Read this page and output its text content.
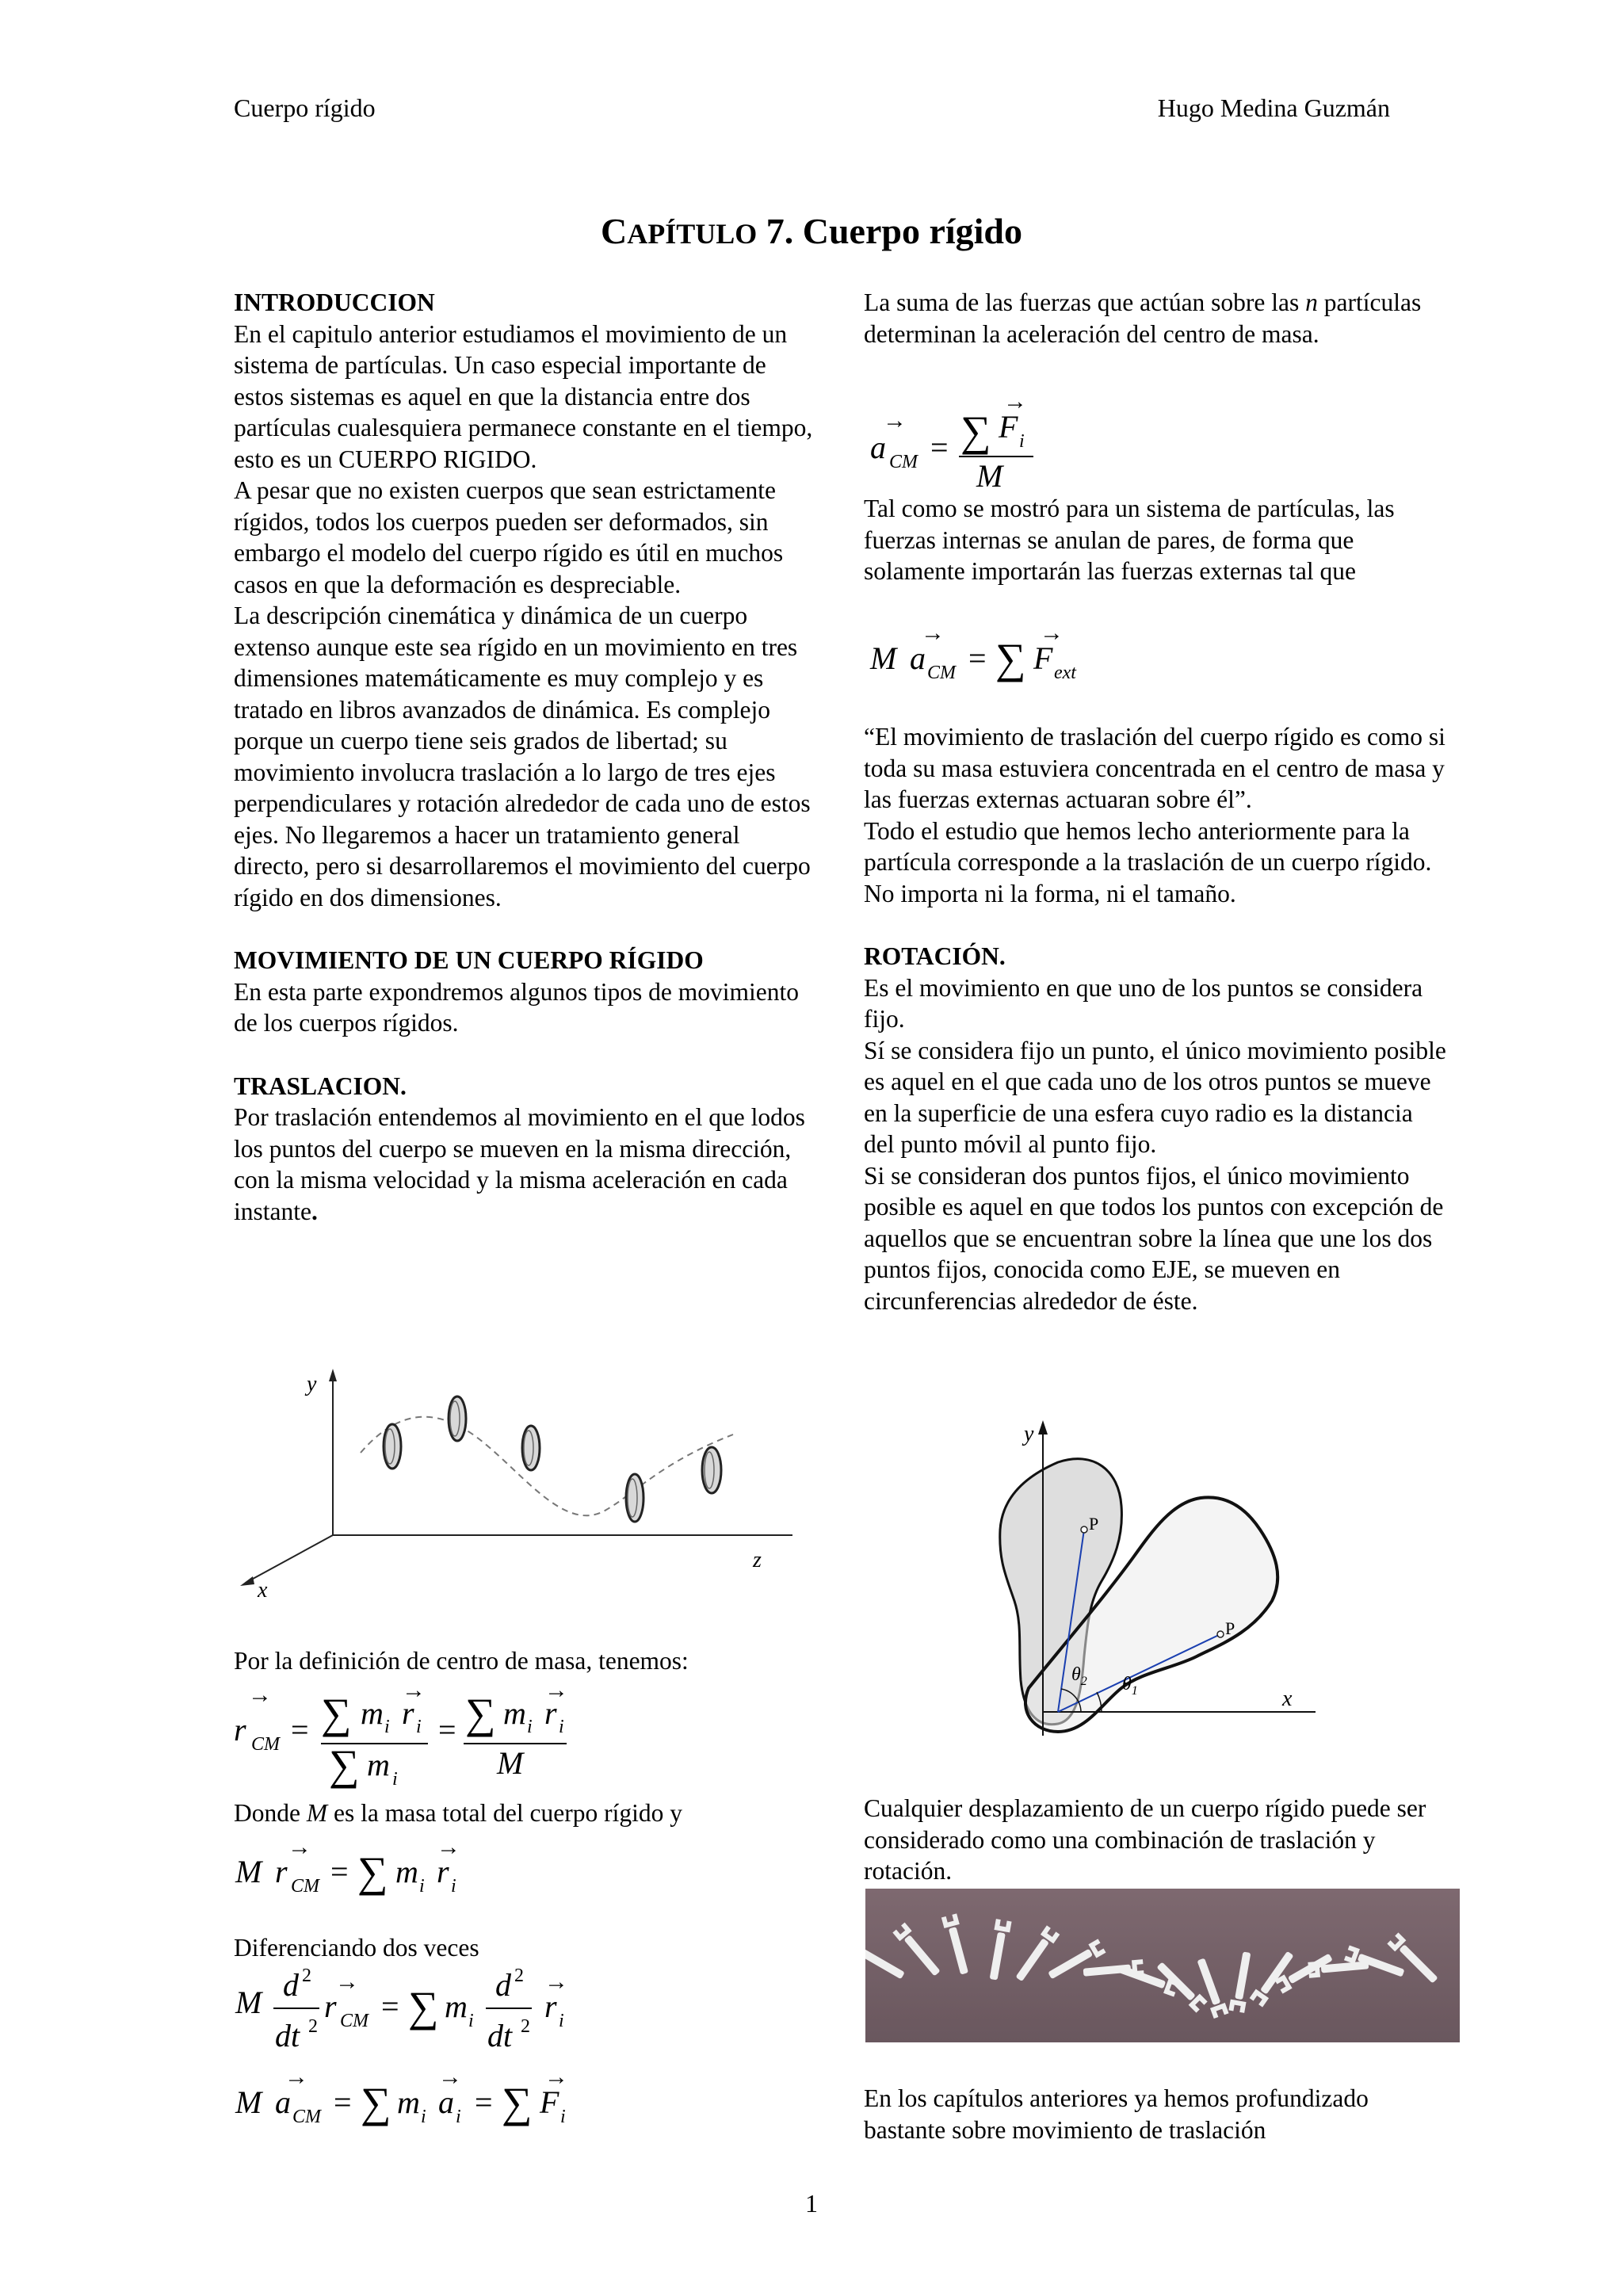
Cuerpo rígido	Hugo Medina Guzmán
CAPÍTULO 7. Cuerpo rígido
INTRODUCCION

En el capitulo anterior estudiamos el movimiento de un sistema de partículas. Un caso especial importante de estos sistemas es aquel en que la distancia entre dos partículas cualesquiera permanece constante en el tiempo, esto es un CUERPO RIGIDO.

A pesar que no existen cuerpos que sean estrictamente rígidos, todos los cuerpos pueden ser deformados, sin embargo el modelo del cuerpo rígido es útil en muchos casos en que la deformación es despreciable.

La descripción cinemática y dinámica de un cuerpo extenso aunque este sea rígido en un movimiento en tres dimensiones matemáticamente es muy complejo y es tratado en libros avanzados de dinámica. Es complejo porque un cuerpo tiene seis grados de libertad; su movimiento involucra traslación a lo largo de tres ejes perpendiculares y rotación alrededor de cada uno de estos ejes. No llegaremos a hacer un tratamiento general directo, pero si desarrollaremos el movimiento del cuerpo rígido en dos dimensiones.

MOVIMIENTO DE UN CUERPO RÍGIDO

En esta parte expondremos algunos tipos de movimiento de los cuerpos rígidos.

TRASLACION.

Por traslación entendemos al movimiento en el que lodos los puntos del cuerpo se mueven en la misma dirección, con la misma velocidad y la misma aceleración en cada instante.

y
z
x
Por la definición de centro de masa, tenemos:
→
r CM = ∑ m i
→
r i
∑ m i
= ∑ m i
→
r i
M
Donde M es la masa total del cuerpo rígido y
M
→
r CM = ∑ m i
→
r i
Diferenciando dos veces
M d 2
dt 2
→
r CM = ∑ m i
d 2
dt 2
→
r i
M
→
a CM = ∑ m i
→
a i = ∑
→
F i

La suma de las fuerzas que actúan sobre las n partículas determinan la aceleración del centro de masa.

→
a CM = ∑
→
F i
M
Tal como se mostró para un sistema de partículas, las fuerzas internas se anulan de pares, de forma que solamente importarán las fuerzas externas tal que
M
→
a CM = ∑
→
F ext

“El movimiento de traslación del cuerpo rígido es como si toda su masa estuviera concentrada en el centro de masa y las fuerzas externas actuaran sobre él”.

Todo el estudio que hemos lecho anteriormente para la partícula corresponde a la traslación de un cuerpo rígido. No importa ni la forma, ni el tamaño.

ROTACIÓN.

Es el movimiento en que uno de los puntos se considera fijo.

Sí se considera fijo un punto, el único movimiento posible es aquel en el que cada uno de los otros puntos se mueve en la superficie de una esfera cuyo radio es la distancia del punto móvil al punto fijo.

Si se consideran dos puntos fijos, el único movimiento posible es aquel en que todos los puntos con excepción de aquellos que se encuentran sobre la línea que une los dos puntos fijos, conocida como EJE, se mueven en circunferencias alrededor de éste.

y
x
P
P
$\theta_2$ $\theta_1$
Cualquier desplazamiento de un cuerpo rígido puede ser considerado como una combinación de traslación y rotación.
En los capítulos anteriores ya hemos profundizado bastante sobre movimiento de traslación
1
